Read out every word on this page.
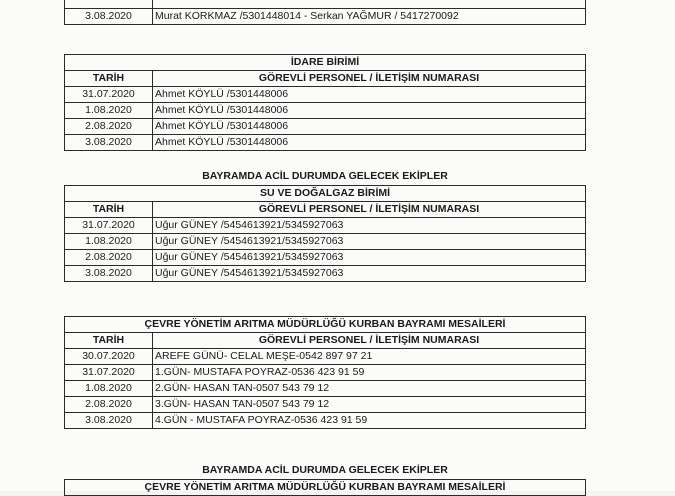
3.08.2020	Murat KORKMAZ /5301448014 - Serkan YAĞMUR / 5417270092
İDARE BİRİMİ	
TARİH	GÖREVLİ PERSONEL / İLETİŞİM NUMARASI
31.07.2020	Ahmet KÖYLÜ /5301448006
1.08.2020	Ahmet KÖYLÜ /5301448006
2.08.2020	Ahmet KÖYLÜ /5301448006
3.08.2020	Ahmet KÖYLÜ /5301448006
BAYRAMDA ACİL DURUMDA GELECEK EKİPLER
SU VE DOĞALGAZ BİRİMİ	
TARİH	GÖREVLİ PERSONEL / İLETİŞİM NUMARASI
31.07.2020	Uğur GÜNEY /5454613921/5345927063
1.08.2020	Uğur GÜNEY /5454613921/5345927063
2.08.2020	Uğur GÜNEY /5454613921/5345927063
3.08.2020	Uğur GÜNEY /5454613921/5345927063
ÇEVRE YÖNETİM ARITMA MÜDÜRLÜĞÜ KURBAN BAYRAMI MESAİLERİ	
TARİH	GÖREVLİ PERSONEL / İLETİŞİM NUMARASI
30.07.2020	AREFE GÜNÜ- CELAL MEŞE-0542 897 97 21
31.07.2020	1.GÜN- MUSTAFA POYRAZ-0536 423 91 59
1.08.2020	2.GÜN- HASAN TAN-0507 543 79 12
2.08.2020	3.GÜN- HASAN TAN-0507 543 79 12
3.08.2020	4.GÜN - MUSTAFA POYRAZ-0536 423 91 59
BAYRAMDA ACİL DURUMDA GELECEK EKİPLER
ÇEVRE YÖNETİM ARITMA MÜDÜRLÜĞÜ KURBAN BAYRAMI MESAİLERİ
